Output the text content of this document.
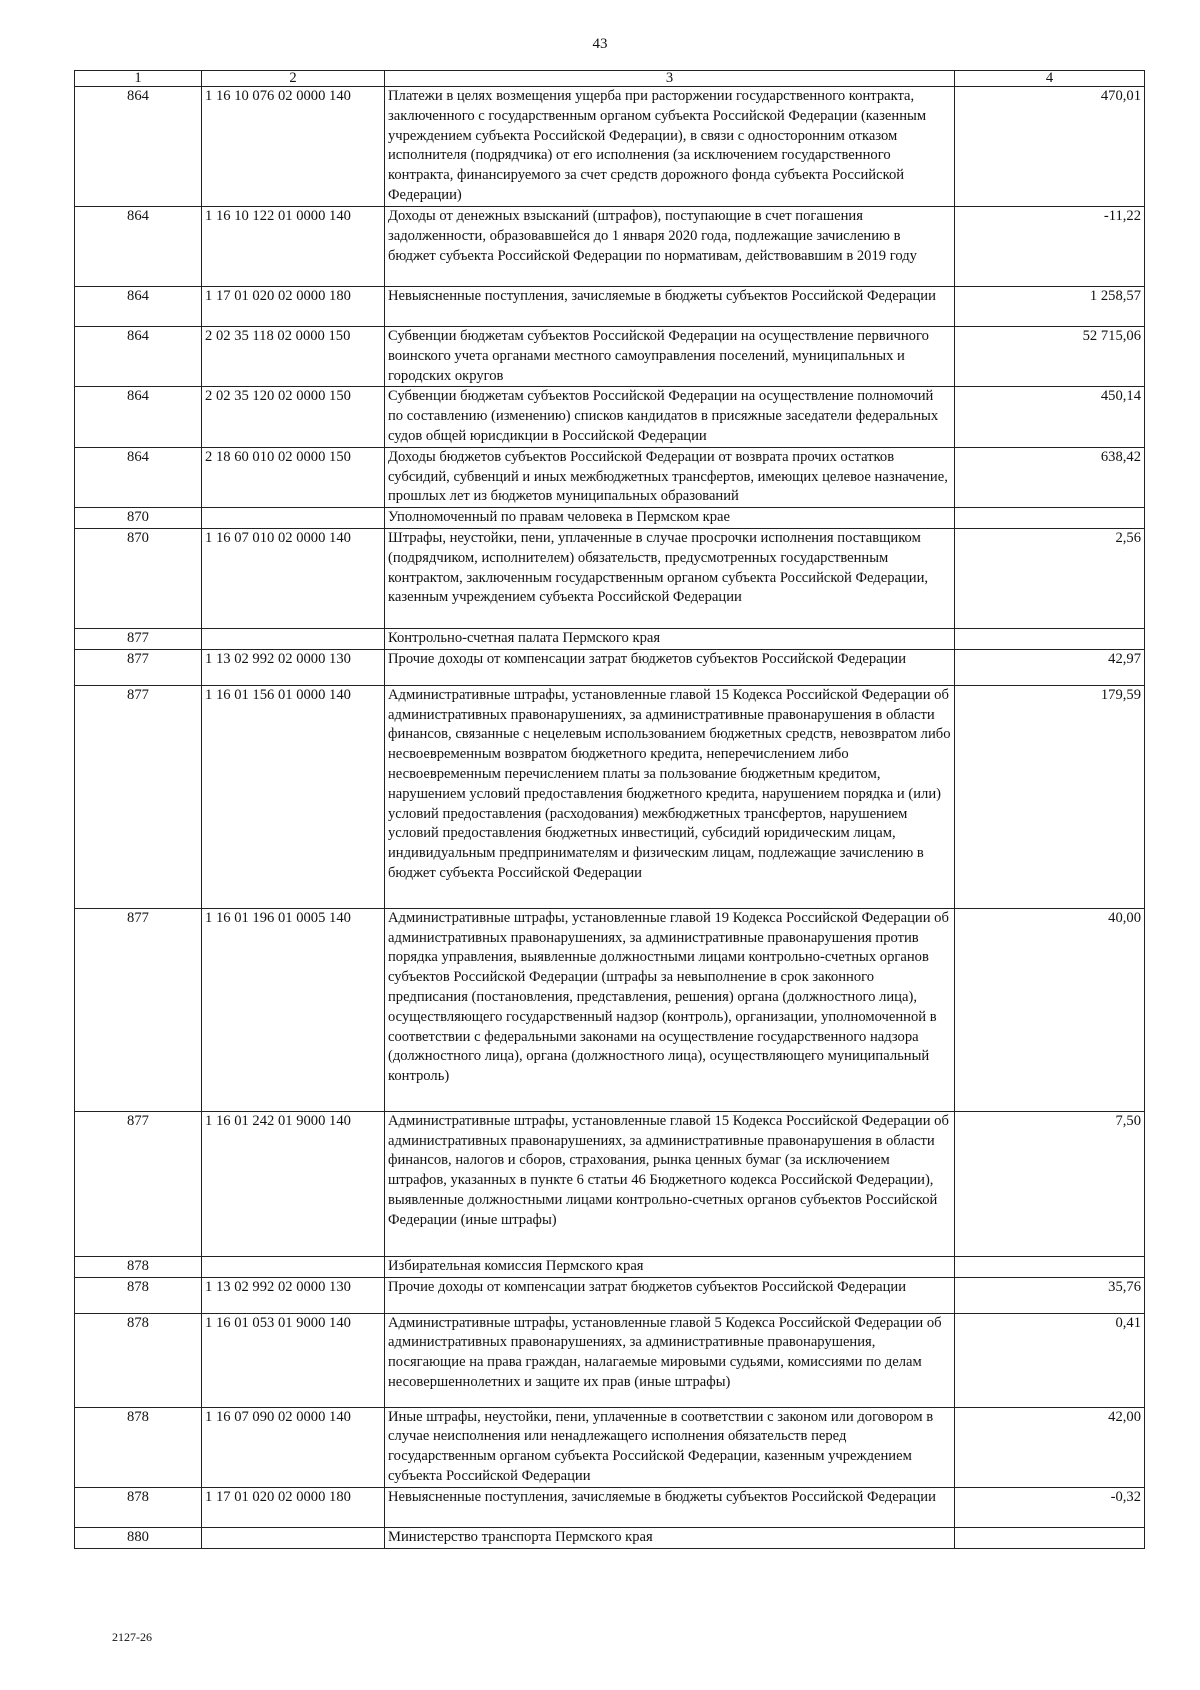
43
1	2	3	4
864	1 16 10 076 02 0000 140	Платежи в целях возмещения ущерба при расторжении государственного контракта, заключенного с государственным органом субъекта Российской Федерации (казенным учреждением субъекта Российской Федерации), в связи с односторонним отказом исполнителя (подрядчика) от его исполнения (за исключением государственного контракта, финансируемого за счет средств дорожного фонда субъекта Российской Федерации)	470,01
864	1 16 10 122 01 0000 140	Доходы от денежных взысканий (штрафов), поступающие в счет погашения задолженности, образовавшейся до 1 января 2020 года, подлежащие зачислению в бюджет субъекта Российской Федерации по нормативам, действовавшим в 2019 году	-11,22
864	1 17 01 020 02 0000 180	Невыясненные поступления, зачисляемые в бюджеты субъектов Российской Федерации	1 258,57
864	2 02 35 118 02 0000 150	Субвенции бюджетам субъектов Российской Федерации на осуществление первичного воинского учета органами местного самоуправления поселений, муниципальных и городских округов	52 715,06
864	2 02 35 120 02 0000 150	Субвенции бюджетам субъектов Российской Федерации на осуществление полномочий по составлению (изменению) списков кандидатов в присяжные заседатели федеральных судов общей юрисдикции в Российской Федерации	450,14
864	2 18 60 010 02 0000 150	Доходы бюджетов субъектов Российской Федерации от возврата прочих остатков субсидий, субвенций и иных межбюджетных трансфертов, имеющих целевое назначение, прошлых лет из бюджетов муниципальных образований	638,42
870		Уполномоченный по правам человека в Пермском крае	
870	1 16 07 010 02 0000 140	Штрафы, неустойки, пени, уплаченные в случае просрочки исполнения поставщиком (подрядчиком, исполнителем) обязательств, предусмотренных государственным контрактом, заключенным государственным органом субъекта Российской Федерации, казенным учреждением субъекта Российской Федерации	2,56
877		Контрольно-счетная палата Пермского края	
877	1 13 02 992 02 0000 130	Прочие доходы от компенсации затрат бюджетов субъектов Российской Федерации	42,97
877	1 16 01 156 01 0000 140	Административные штрафы, установленные главой 15 Кодекса Российской Федерации об административных правонарушениях, за административные правонарушения в области финансов, связанные с нецелевым использованием бюджетных средств, невозвратом либо несвоевременным возвратом бюджетного кредита, неперечислением либо несвоевременным перечислением платы за пользование бюджетным кредитом, нарушением условий предоставления бюджетного кредита, нарушением порядка и (или) условий предоставления (расходования) межбюджетных трансфертов, нарушением условий предоставления бюджетных инвестиций, субсидий юридическим лицам, индивидуальным предпринимателям и физическим лицам, подлежащие зачислению в бюджет субъекта Российской Федерации	179,59
877	1 16 01 196 01 0005 140	Административные штрафы, установленные главой 19 Кодекса Российской Федерации об административных правонарушениях, за административные правонарушения против порядка управления, выявленные должностными лицами контрольно-счетных органов субъектов Российской Федерации (штрафы за невыполнение в срок законного предписания (постановления, представления, решения) органа (должностного лица), осуществляющего государственный надзор (контроль), организации, уполномоченной в соответствии с федеральными законами на осуществление государственного надзора (должностного лица), органа (должностного лица), осуществляющего муниципальный контроль)	40,00
877	1 16 01 242 01 9000 140	Административные штрафы, установленные главой 15 Кодекса Российской Федерации об административных правонарушениях, за административные правонарушения в области финансов, налогов и сборов, страхования, рынка ценных бумаг (за исключением штрафов, указанных в пункте 6 статьи 46 Бюджетного кодекса Российской Федерации), выявленные должностными лицами контрольно-счетных органов субъектов Российской Федерации (иные штрафы)	7,50
878		Избирательная комиссия Пермского края	
878	1 13 02 992 02 0000 130	Прочие доходы от компенсации затрат бюджетов субъектов Российской Федерации	35,76
878	1 16 01 053 01 9000 140	Административные штрафы, установленные главой 5 Кодекса Российской Федерации об административных правонарушениях, за административные правонарушения, посягающие на права граждан, налагаемые мировыми судьями, комиссиями по делам несовершеннолетних и защите их прав (иные штрафы)	0,41
878	1 16 07 090 02 0000 140	Иные штрафы, неустойки, пени, уплаченные в соответствии с законом или договором в случае неисполнения или ненадлежащего исполнения обязательств перед государственным органом субъекта Российской Федерации, казенным учреждением субъекта Российской Федерации	42,00
878	1 17 01 020 02 0000 180	Невыясненные поступления, зачисляемые в бюджеты субъектов Российской Федерации	-0,32
880		Министерство транспорта Пермского края	
2127-26
